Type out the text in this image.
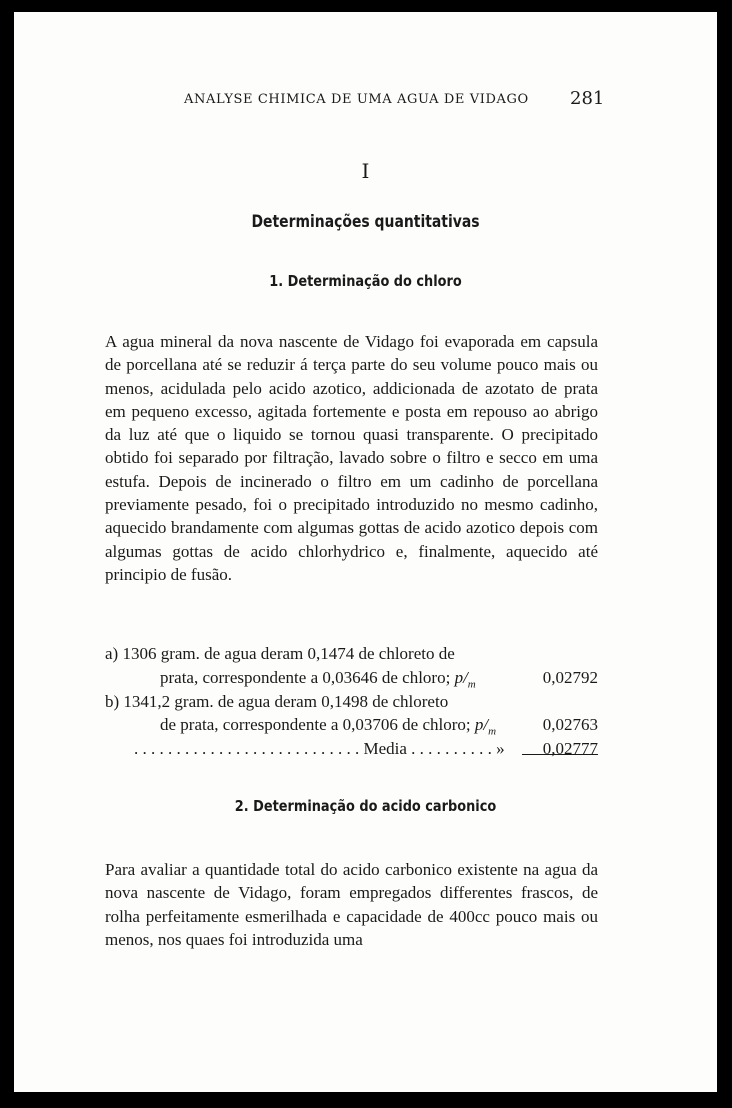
ANALYSE CHIMICA DE UMA AGUA DE VIDAGO 281
I
Determinações quantitativas
1. Determinação do chloro
A agua mineral da nova nascente de Vidago foi evaporada em capsula de porcellana até se reduzir á terça parte do seu volume pouco mais ou menos, acidulada pelo acido azotico, addicionada de azotato de prata em pequeno excesso, agitada fortemente e posta em repouso ao abrigo da luz até que o liquido se tornou quasi transparente. O precipitado obtido foi separado por filtração, lavado sobre o filtro e secco em uma estufa. Depois de incinerado o filtro em um cadinho de porcellana previamente pesado, foi o precipitado introduzido no mesmo cadinho, aquecido brandamente com algumas gottas de acido azotico depois com algumas gottas de acido chlorhydrico e, finalmente, aquecido até principio de fusão.
a) 1306 gram. de agua deram 0,1474 de chloreto de
prata, correspondente a 0,03646 de chloro; $p/_m$	0,02792
b) 1341,2 gram. de agua deram 0,1498 de chloreto
de prata, correspondente a 0,03706 de chloro; $p/_m$	0,02763
. . . . . . . . . . . . . . . . . . . . . . . . . . . Media . . . . . . . . . . » 0,02777
2. Determinação do acido carbonico
Para avaliar a quantidade total do acido carbonico existente na agua da nova nascente de Vidago, foram empregados differentes frascos, de rolha perfeitamente esmerilhada e capacidade de 400cc pouco mais ou menos, nos quaes foi introduzida uma
